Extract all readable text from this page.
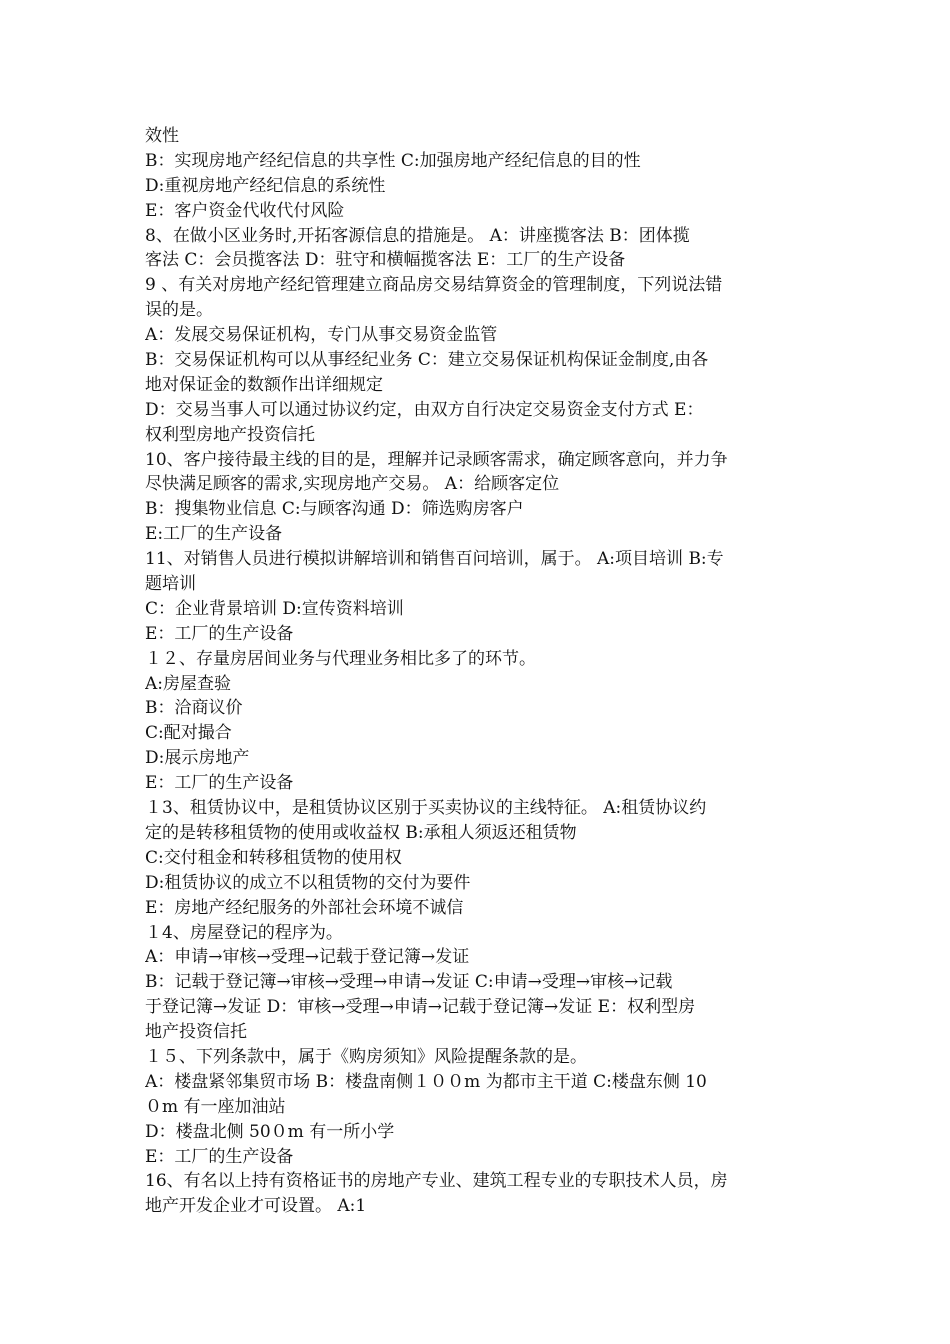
效性
B：实现房地产经纪信息的共享性 C:加强房地产经纪信息的目的性
D:重视房地产经纪信息的系统性
E：客户资金代收代付风险
8、在做小区业务时,开拓客源信息的措施是。 A：讲座揽客法 B：团体揽
客法 C：会员揽客法 D：驻守和横幅揽客法 E：工厂的生产设备
9 、有关对房地产经纪管理建立商品房交易结算资金的管理制度，下列说法错
误的是。
A：发展交易保证机构，专门从事交易资金监管
B：交易保证机构可以从事经纪业务 C：建立交易保证机构保证金制度,由各
地对保证金的数额作出详细规定
D：交易当事人可以通过协议约定，由双方自行决定交易资金支付方式 E：
权利型房地产投资信托
10、客户接待最主线的目的是，理解并记录顾客需求，确定顾客意向，并力争
尽快满足顾客的需求,实现房地产交易。 A：给顾客定位
B：搜集物业信息 C:与顾客沟通 D：筛选购房客户
E:工厂的生产设备
11、对销售人员进行模拟讲解培训和销售百问培训，属于。 A:项目培训 B:专
题培训
C：企业背景培训 D:宣传资料培训
E：工厂的生产设备
１２、存量房居间业务与代理业务相比多了的环节。
A:房屋查验
B：洽商议价
C:配对撮合
D:展示房地产
E：工厂的生产设备
１3、租赁协议中，是租赁协议区别于买卖协议的主线特征。 A:租赁协议约
定的是转移租赁物的使用或收益权 B:承租人须返还租赁物
C:交付租金和转移租赁物的使用权
D:租赁协议的成立不以租赁物的交付为要件
E：房地产经纪服务的外部社会环境不诚信
１4、房屋登记的程序为。
A：申请→审核→受理→记载于登记簿→发证
B：记载于登记簿→审核→受理→申请→发证 C:申请→受理→审核→记载
于登记簿→发证 D：审核→受理→申请→记载于登记簿→发证 E：权利型房
地产投资信托
１５、下列条款中，属于《购房须知》风险提醒条款的是。
A：楼盘紧邻集贸市场 B：楼盘南侧１００m 为都市主干道 C:楼盘东侧 10
０m 有一座加油站
D：楼盘北侧 50０m 有一所小学
E：工厂的生产设备
16、有名以上持有资格证书的房地产专业、建筑工程专业的专职技术人员，房
地产开发企业才可设置。 A:1
